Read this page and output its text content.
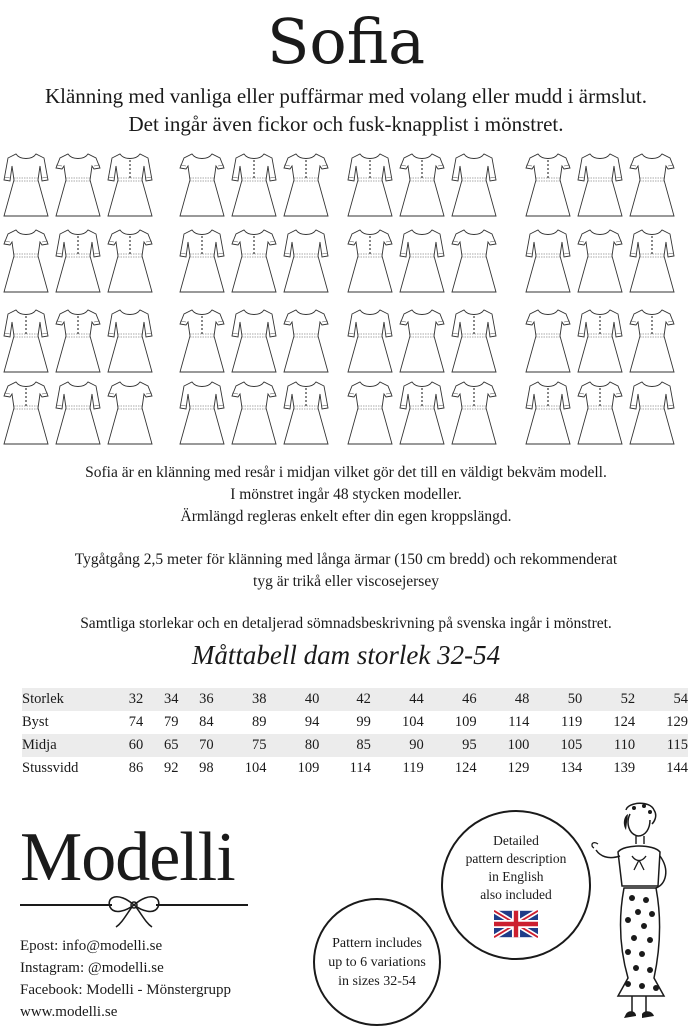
Sofia
Klänning med vanliga eller puffärmar med volang eller mudd i ärmslut.
Det ingår även fickor och fusk-knapplist i mönstret.
Sofia är en klänning med resår i midjan vilket gör det till en väldigt bekväm modell.
I mönstret ingår 48 stycken modeller.
Ärmlängd regleras enkelt efter din egen kroppslängd.
Tygåtgång 2,5 meter för klänning med långa ärmar (150 cm bredd) och rekommenderat
tyg är trikå eller viscosejersey
Samtliga storlekar och en detaljerad sömnadsbeskrivning på svenska ingår i mönstret.
Måttabell dam storlek 32-54
Storlek	32	34	36	38	40	42	44	46	48	50	52	54
Byst	74	79	84	89	94	99	104	109	114	119	124	129
Midja	60	65	70	75	80	85	90	95	100	105	110	115
Stussvidd	86	92	98	104	109	114	119	124	129	134	139	144
Modelli
Epost: info@modelli.se
Instagram: @modelli.se
Facebook: Modelli - Mönstergrupp
www.modelli.se
Detailed
pattern description
in English
also included
Pattern includes
up to 6 variations
in sizes 32-54
